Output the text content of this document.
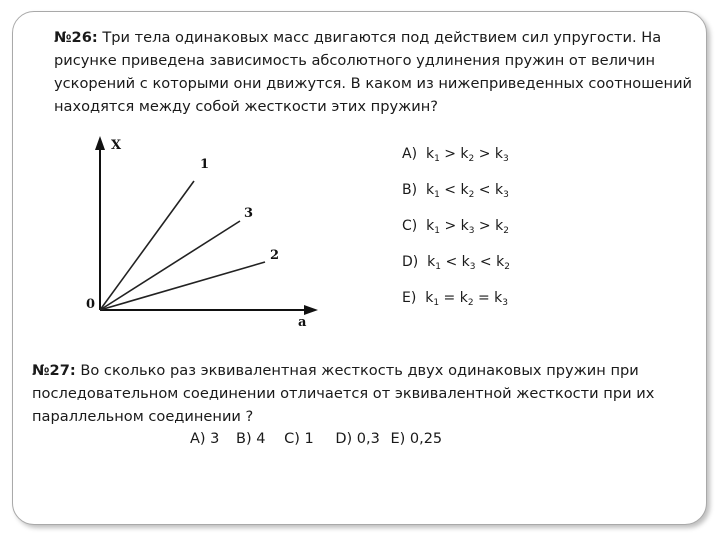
№26: Три тела одинаковых масс двигаются под действием сил упругости. На рисунке приведена зависимость абсолютного удлинения пружин от величин ускорений с которыми они движутся. В каком из нижеприведенных соотношений находятся между собой жесткости этих пружин?

X
a
0
1
3
2
A) $k_1 > k_2 > k_3$
B) $k_1 < k_2 < k_3$
C) $k_1 > k_3 > k_2$
D) $k_1 < k_3 < k_2$
E) $k_1 = k_2 = k_3$

№27: Во сколько раз эквивалентная жесткость двух одинаковых пружин при последовательном соединении отличается от эквивалентной жесткости при их параллельном соединении ?

A) 3 B) 4 C) 1 D) 0,3 E) 0,25
